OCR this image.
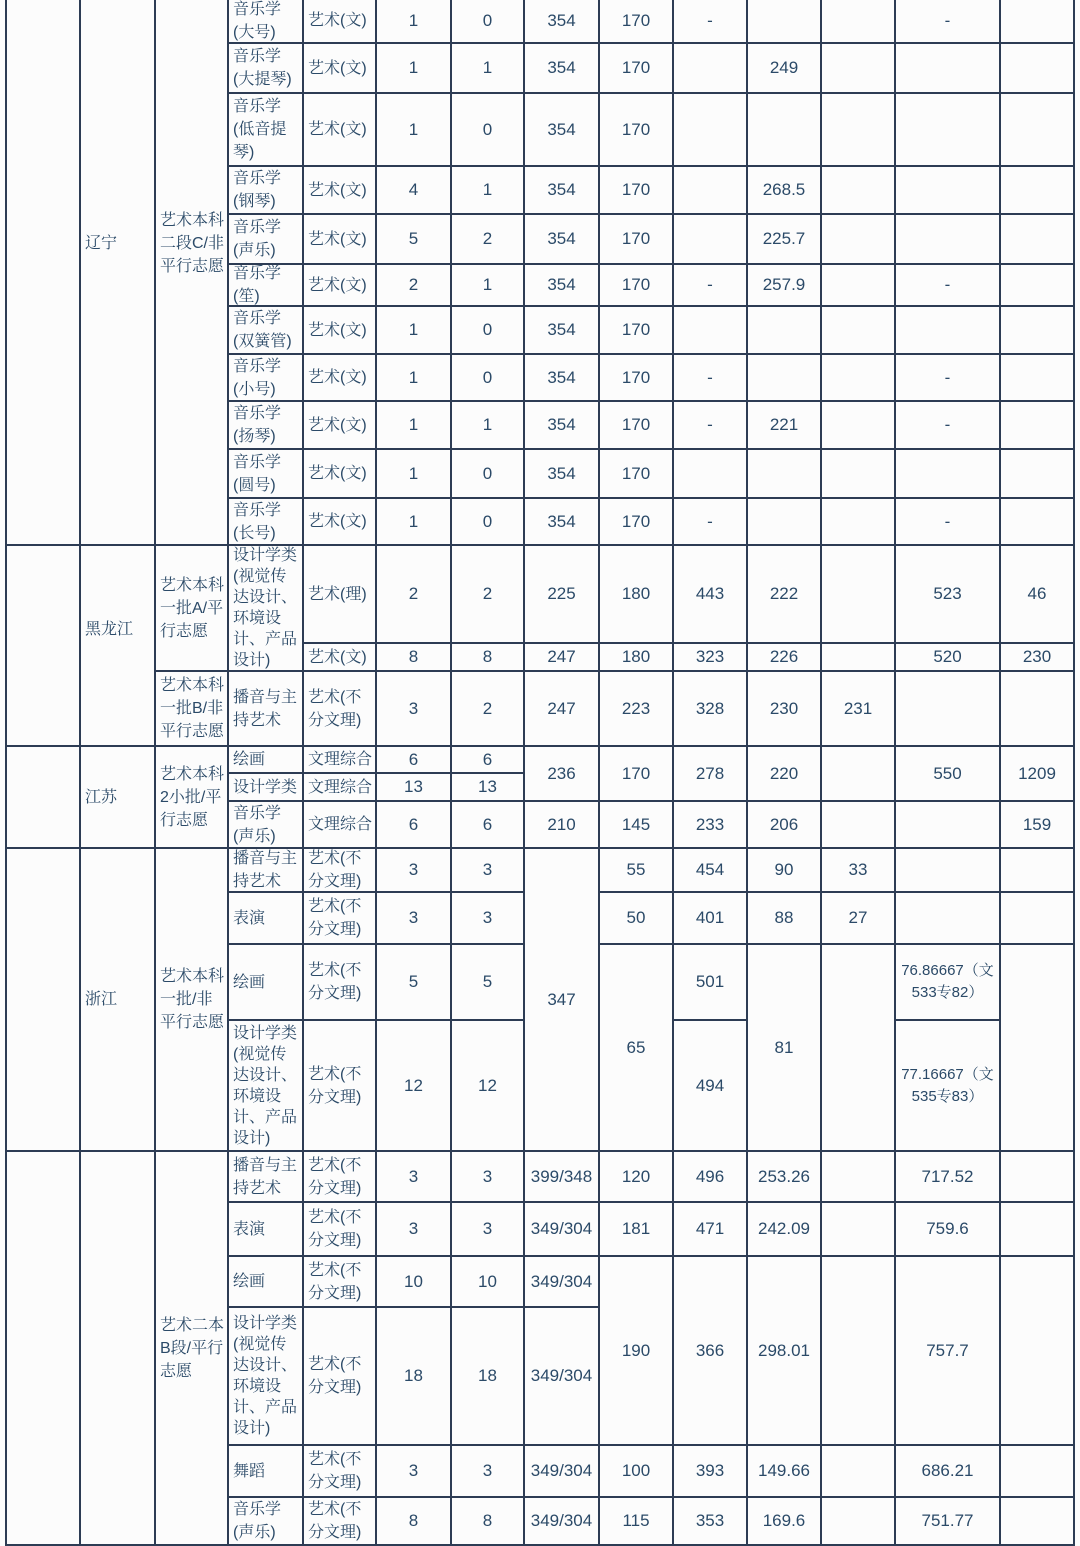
辽宁	艺术本科二段C/非平行志愿	音乐学(大号)	艺术(文)	1	0	354	170	-			-	

音乐学(大提琴)	艺术(文)	1	1	354	170		249			

音乐学(低音提琴)	艺术(文)	1	0	354	170					

音乐学(钢琴)	艺术(文)	4	1	354	170		268.5			

音乐学(声乐)	艺术(文)	5	2	354	170		225.7			

音乐学(笙)	艺术(文)	2	1	354	170	-	257.9		-	

音乐学(双簧管)	艺术(文)	1	0	354	170					

音乐学(小号)	艺术(文)	1	0	354	170	-			-	

音乐学(扬琴)	艺术(文)	1	1	354	170	-	221		-	

音乐学(圆号)	艺术(文)	1	0	354	170					

音乐学(长号)	艺术(文)	1	0	354	170	-			-	

黑龙江	艺术本科一批A/平行志愿	设计学类(视觉传达设计、环境设计、产品设计)	艺术(理)	2	2	225	180	443	222		523	46

艺术(文)	8	8	247	180	323	226		520	230

艺术本科一批B/非平行志愿	播音与主持艺术	艺术(不分文理)	3	2	247	223	328	230	231		

江苏	艺术本科2小批/平行志愿	绘画	文理综合	6	6	236	170	278	220		550	1209

设计学类	文理综合	13	13							

音乐学(声乐)	文理综合	6	6	210	145	233	206			159

浙江	艺术本科一批/非平行志愿	播音与主持艺术	艺术(不分文理)	3	3	347	55	454	90	33		

表演	艺术(不分文理)	3	3		50	401	88	27		

绘画	艺术(不分文理)	5	5		65	501	81		76.86667（文533专82）	

设计学类(视觉传达设计、环境设计、产品设计)	艺术(不分文理)	12	12			494			77.16667（文535专83）	

艺术二本B段/平行志愿	播音与主持艺术	艺术(不分文理)	3	3	399/348	120	496	253.26		717.52	

表演	艺术(不分文理)	3	3	349/304	181	471	242.09		759.6	

绘画	艺术(不分文理)	10	10	349/304	190	366	298.01		757.7	

设计学类(视觉传达设计、环境设计、产品设计)	艺术(不分文理)	18	18	349/304						

舞蹈	艺术(不分文理)	3	3	349/304	100	393	149.66		686.21	

音乐学(声乐)	艺术(不分文理)	8	8	349/304	115	353	169.6		751.77	
